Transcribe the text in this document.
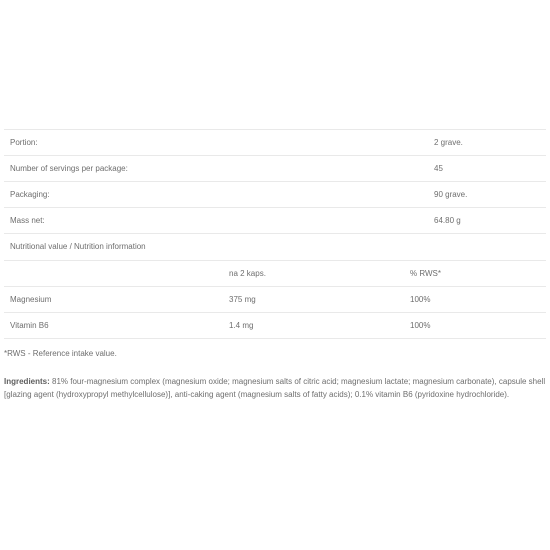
Portion:	2 grave.
Number of servings per package:	45
Packaging:	90 grave.
Mass net:	64.80 g
Nutritional value / Nutrition information
	na 2 kaps.	% RWS*
Magnesium	375 mg	100%
Vitamin B6	1.4 mg	100%
*RWS - Reference intake value.
Ingredients: 81% four-magnesium complex (magnesium oxide; magnesium salts of citric acid; magnesium lactate; magnesium carbonate), capsule shell [glazing agent (hydroxypropyl methylcellulose)], anti-caking agent (magnesium salts of fatty acids); 0.1% vitamin B6 (pyridoxine hydrochloride).
